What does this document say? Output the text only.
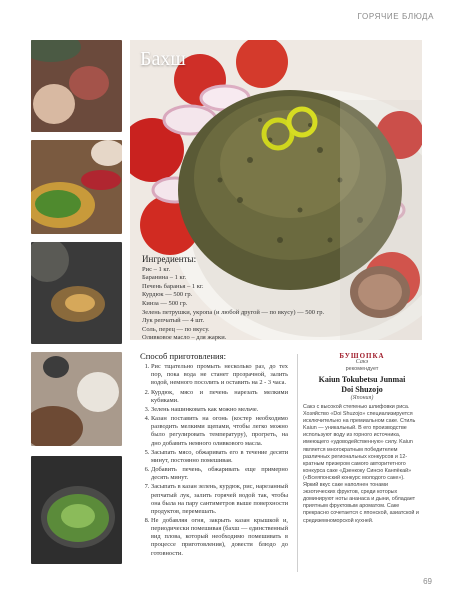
ГОРЯЧИЕ БЛЮДА
Бахш
Ингредиенты:
Рис – 1 кг.
Баранина – 1 кг.
Печень баранья – 1 кг.
Курдюк — 500 гр.
Кинза — 500 гр.
Зелень петрушки, укропа (и любой другой — по вкусу) — 500 гр.
Лук репчатый — 4 шт.
Соль, перец — по вкусу.
Оливковое масло – для жарки.
Способ приготовления:
1. Рис тщательно промыть несколько раз, до тех пор, пока вода не станет прозрачной, залить водой, немного посолить и оставить на 2 - 3 часа.
2. Курдюк, мясо и печень нарезать мелкими кубиками.
3. Зелень нашинковать как можно мельче.
4. Казан поставить на огонь (костер необходимо разводить мелкими щепами, чтобы легко можно было регулировать температуру), прогреть, на дно добавить немного оливкового масла.
5. Засыпать мясо, обжаривать его в течение десяти минут, постоянно помешивая.
6. Добавить печень, обжаривать еще примерно десять минут.
7. Засыпать в казан зелень, курдюк, рис, нарезанный репчатый лук, залить горячей водой так, чтобы она была на пару сантиметров выше поверхности продуктов, перемешать.
8. Не добавляя огня, закрыть казан крышкой и, периодически помешивая (бахш — единственный вид плова, который необходимо помешивать в процессе приготовления), довести блюдо до готовности.
БУШОПКА
Сакэ
рекомендует
Kaiun Tokubetsu Junmai
Doi Shuzojo
(Япония)
Сакэ с высокой степенью шлифовки риса. Хозяйство «Doi Shuzojo» специализируется исключительно на премиальном саке. Стиль Kaiun — уникальный. В его производстве используют воду из горного источника, имеющего «удоводейственную» силу. Kaiun является многократным победителем различных региональных конкурсов и 12-кратным призером самого авторитетного конкурса саке «Дзенкоку Синсю Канпёкай» («Всеяпонский конкурс молодого саке»). Яркий вкус саке наполнен тонами экзотических фруктов, среди которых доминируют ноты ананаса и дыни, обладает приятным фруктовым ароматом. Саке прекрасно сочетается с японской, азиатской и средиземноморской кухней.
69
